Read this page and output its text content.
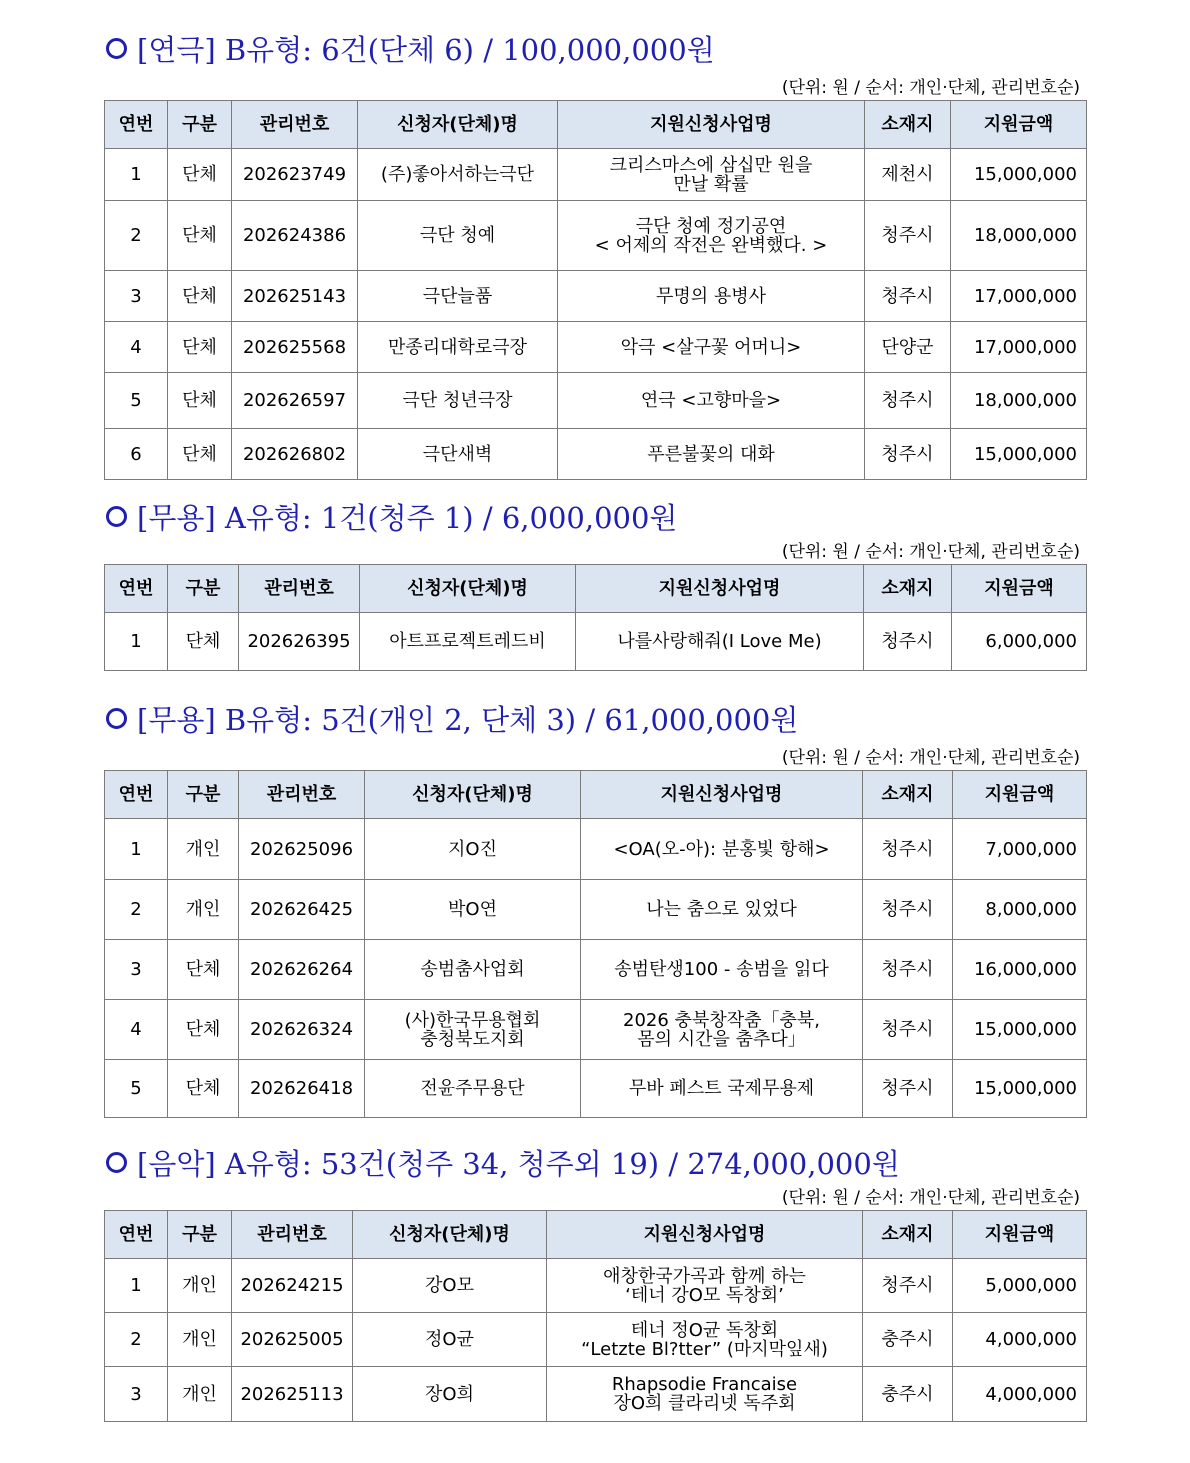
[연극] B유형: 6건(단체 6) / 100,000,000원
(단위: 원 / 순서: 개인·단체, 관리번호순)
연번	구분	관리번호	신청자(단체)명	지원신청사업명	소재지	지원금액
1	단체	202623749	(주)좋아서하는극단	크리스마스에 삼십만 원을
만날 확률	제천시	15,000,000
2	단체	202624386	극단 청예	극단 청예 정기공연
< 어제의 작전은 완벽했다. >	청주시	18,000,000
3	단체	202625143	극단늘품	무명의 용병사	청주시	17,000,000
4	단체	202625568	만종리대학로극장	악극 <살구꽃 어머니>	단양군	17,000,000
5	단체	202626597	극단 청년극장	연극 <고향마을>	청주시	18,000,000
6	단체	202626802	극단새벽	푸른불꽃의 대화	청주시	15,000,000
[무용] A유형: 1건(청주 1) / 6,000,000원
(단위: 원 / 순서: 개인·단체, 관리번호순)
연번	구분	관리번호	신청자(단체)명	지원신청사업명	소재지	지원금액
1	단체	202626395	아트프로젝트레드비	나를사랑해줘(I Love Me)	청주시	6,000,000
[무용] B유형: 5건(개인 2, 단체 3) / 61,000,000원
(단위: 원 / 순서: 개인·단체, 관리번호순)
연번	구분	관리번호	신청자(단체)명	지원신청사업명	소재지	지원금액
1	개인	202625096	지O진	<OA(오-아): 분홍빛 항해>	청주시	7,000,000
2	개인	202626425	박O연	나는 춤으로 있었다	청주시	8,000,000
3	단체	202626264	송범춤사업회	송범탄생100 - 송범을 읽다	청주시	16,000,000
4	단체	202626324	(사)한국무용협회
충청북도지회	2026 충북창작춤「충북,
몸의 시간을 춤추다」	청주시	15,000,000
5	단체	202626418	전윤주무용단	무바 페스트 국제무용제	청주시	15,000,000
[음악] A유형: 53건(청주 34, 청주외 19) / 274,000,000원
(단위: 원 / 순서: 개인·단체, 관리번호순)
연번	구분	관리번호	신청자(단체)명	지원신청사업명	소재지	지원금액
1	개인	202624215	강O모	애창한국가곡과 함께 하는
‘테너 강O모 독창회’	청주시	5,000,000
2	개인	202625005	정O균	테너 정O균 독창회
“Letzte Bl?tter” (마지막잎새)	충주시	4,000,000
3	개인	202625113	장O희	Rhapsodie Francaise
장O희 클라리넷 독주회	충주시	4,000,000
